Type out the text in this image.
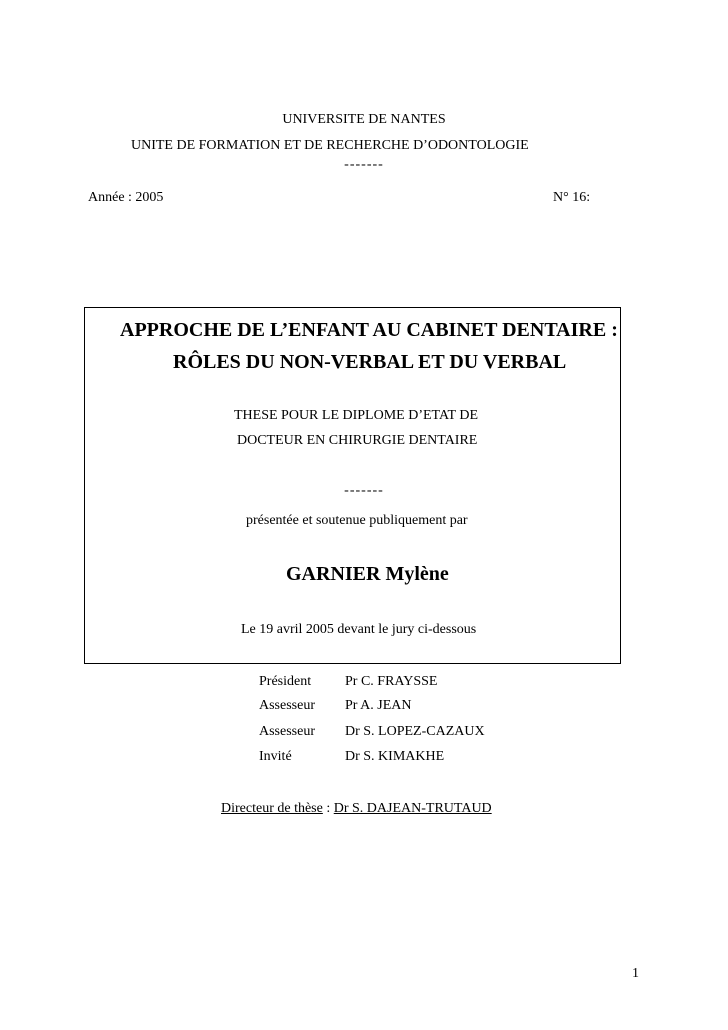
UNIVERSITE DE NANTES
UNITE DE FORMATION ET DE RECHERCHE D’ODONTOLOGIE
-------
Année : 2005	N° 16:
APPROCHE DE L’ENFANT AU CABINET DENTAIRE :
RÔLES DU NON-VERBAL ET DU VERBAL
THESE POUR LE DIPLOME D’ETAT DE
DOCTEUR EN CHIRURGIE DENTAIRE
-------
présentée et soutenue publiquement par
GARNIER Mylène
Le 19 avril 2005 devant le jury ci-dessous
Président Pr C. FRAYSSE
Assesseur Pr A. JEAN
Assesseur Dr S. LOPEZ-CAZAUX
Invité	Dr S. KIMAKHE
Directeur de thèse : Dr S. DAJEAN-TRUTAUD
1
